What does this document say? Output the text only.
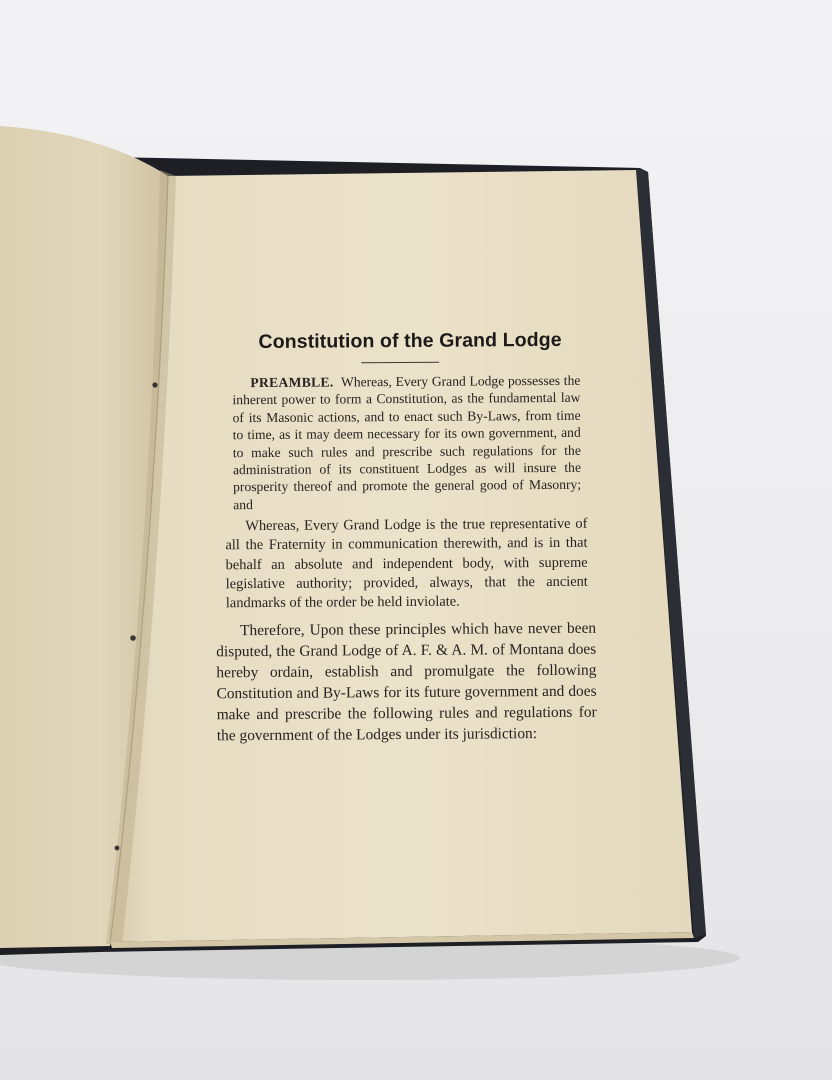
Constitution of the Grand Lodge

PREAMBLE. Whereas, Every Grand Lodge possesses the inherent power to form a Constitution, as the fundamental law of its Masonic actions, and to enact such By-Laws, from time to time, as it may deem necessary for its own government, and to make such rules and prescribe such regulations for the administration of its constituent Lodges as will insure the prosperity thereof and promote the general good of Masonry; and

Whereas, Every Grand Lodge is the true representative of all the Fraternity in communication therewith, and is in that behalf an absolute and independent body, with supreme legislative authority; provided, always, that the ancient landmarks of the order be held inviolate.

Therefore, Upon these principles which have never been disputed, the Grand Lodge of A. F. & A. M. of Montana does hereby ordain, establish and promulgate the following Constitution and By-Laws for its future government and does make and prescribe the following rules and regulations for the government of the Lodges under its jurisdiction:
